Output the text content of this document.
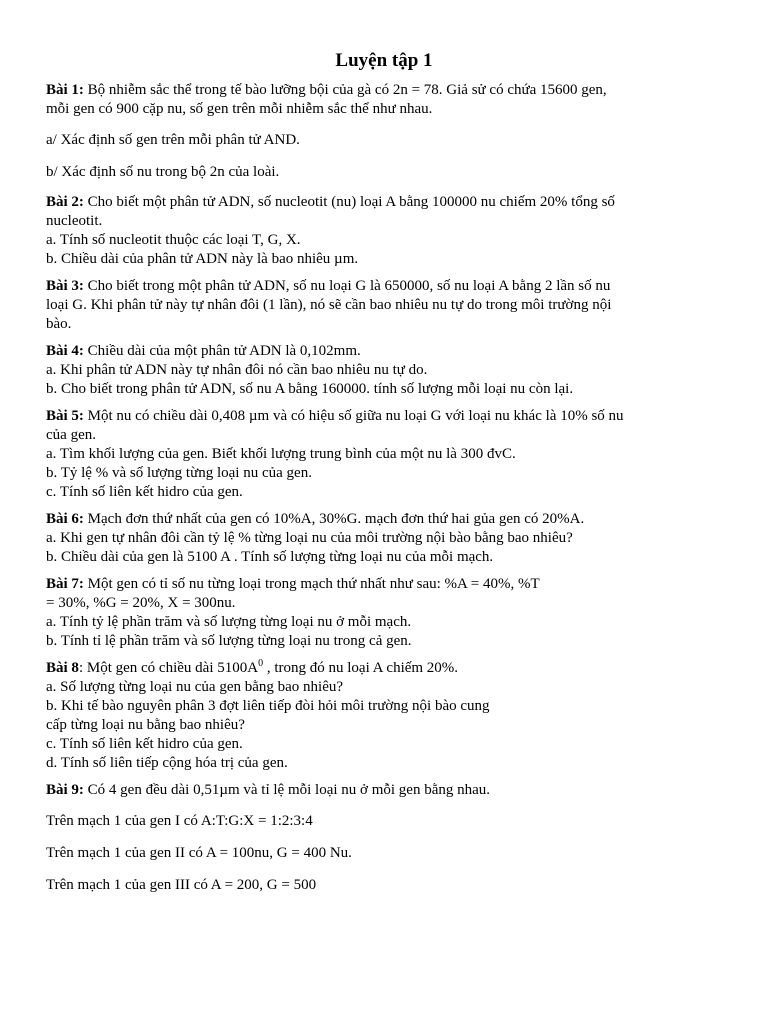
Luyện tập 1
Bài 1: Bộ nhiễm sắc thể trong tế bào lưỡng bội của gà có 2n = 78. Giả sử có chứa 15600 gen,
mỗi gen có 900 cặp nu, số gen trên mỗi nhiễm sắc thể như nhau.
a/ Xác định số gen trên mỗi phân tử AND.
b/ Xác định số nu trong bộ 2n của loài.
Bài 2: Cho biết một phân tử ADN, số nucleotit (nu) loại A bằng 100000 nu chiếm 20% tổng số
nucleotit.
a. Tính số nucleotit thuộc các loại T, G, X.
b. Chiều dài của phân tử ADN này là bao nhiêu µm.
Bài 3: Cho biết trong một phân tử ADN, số nu loại G là 650000, số nu loại A bằng 2 lần số nu
loại G. Khi phân tử này tự nhân đôi (1 lần), nó sẽ cần bao nhiêu nu tự do trong môi trường nội
bào.
Bài 4: Chiều dài của một phân tử ADN là 0,102mm.
a. Khi phân tử ADN này tự nhân đôi nó cần bao nhiêu nu tự do.
b. Cho biết trong phân tử ADN, số nu A bằng 160000. tính số lượng mỗi loại nu còn lại.
Bài 5: Một nu có chiều dài 0,408 µm và có hiệu số giữa nu loại G với loại nu khác là 10% số nu
của gen.
a. Tìm khối lượng của gen. Biết khối lượng trung bình của một nu là 300 đvC.
b. Tỷ lệ % và số lượng từng loại nu của gen.
c. Tính số liên kết hidro của gen.
Bài 6: Mạch đơn thứ nhất của gen có 10%A, 30%G. mạch đơn thứ hai gủa gen có 20%A.
a. Khi gen tự nhân đôi cần tỷ lệ % từng loại nu của môi trường nội bào bằng bao nhiêu?
b. Chiều dài của gen là 5100 A . Tính số lượng từng loại nu của mỗi mạch.
Bài 7: Một gen có tỉ số nu từng loại trong mạch thứ nhất như sau: %A = 40%, %T
= 30%, %G = 20%, X = 300nu.
a. Tính tỷ lệ phần trăm và số lượng từng loại nu ở mỗi mạch.
b. Tính tỉ lệ phần trăm và số lượng từng loại nu trong cả gen.
Bài 8: Một gen có chiều dài $5100A^0$ , trong đó nu loại A chiếm 20%.
a. Số lượng từng loại nu của gen bằng bao nhiêu?
b. Khi tế bào nguyên phân 3 đợt liên tiếp đòi hỏi môi trường nội bào cung
cấp từng loại nu bằng bao nhiêu?
c. Tính số liên kết hidro của gen.
d. Tính số liên tiếp cộng hóa trị của gen.
Bài 9: Có 4 gen đều dài 0,51µm và tỉ lệ mỗi loại nu ở mỗi gen bằng nhau.
Trên mạch 1 của gen I có A:T:G:X = 1:2:3:4
Trên mạch 1 của gen II có A = 100nu, G = 400 Nu.
Trên mạch 1 của gen III có A = 200, G = 500
